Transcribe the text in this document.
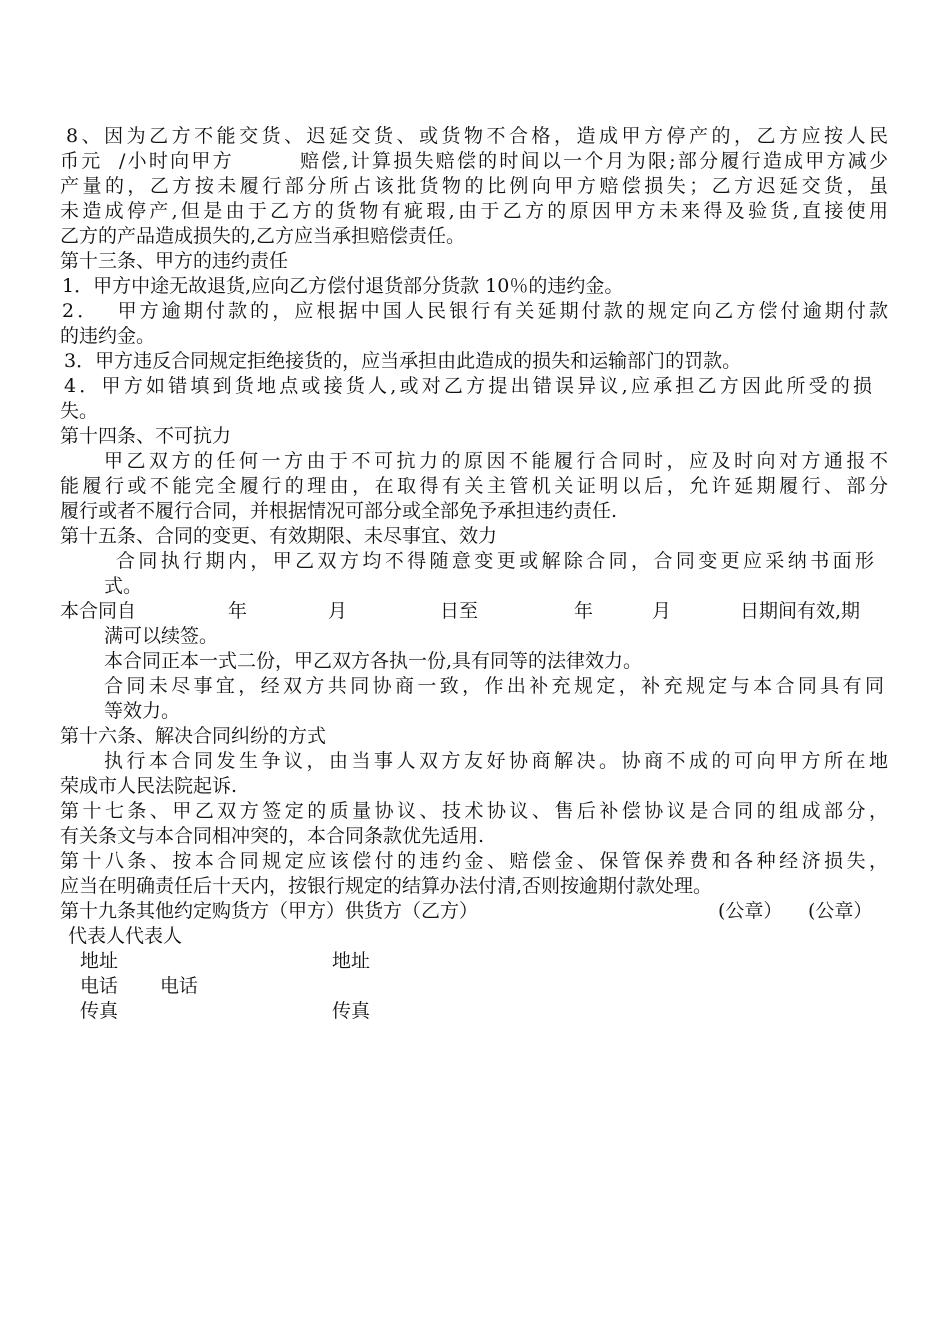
8、因为乙方不能交货、迟延交货、或货物不合格，造成甲方停产的，乙方应按人民
币元  /小时向甲方        赔偿,计算损失赔偿的时间以一个月为限;部分履行造成甲方减少
产量的，乙方按未履行部分所占该批货物的比例向甲方赔偿损失；乙方迟延交货，虽
未造成停产,但是由于乙方的货物有疵瑕,由于乙方的原因甲方未来得及验货,直接使用
乙方的产品造成损失的,乙方应当承担赔偿责任。
第十三条、甲方的违约责任
1．甲方中途无故退货,应向乙方偿付退货部分货款 10％的违约金。
2．  甲方逾期付款的，应根据中国人民银行有关延期付款的规定向乙方偿付逾期付款
的违约金。
3．甲方违反合同规定拒绝接货的，应当承担由此造成的损失和运输部门的罚款。
4．甲方如错填到货地点或接货人,或对乙方提出错误异议,应承担乙方因此所受的损
失。
第十四条、不可抗力
甲乙双方的任何一方由于不可抗力的原因不能履行合同时，应及时向对方通报不
能履行或不能完全履行的理由，在取得有关主管机关证明以后，允许延期履行、部分
履行或者不履行合同，并根据情况可部分或全部免予承担违约责任.
第十五条、合同的变更、有效期限、未尽事宜、效力
合同执行期内，甲乙双方均不得随意变更或解除合同，合同变更应采纳书面形
式。
本合同自	年	月	日至	年	月	日期间有效,期
满可以续签。
本合同正本一式二份，甲乙双方各执一份,具有同等的法律效力。
合同未尽事宜，经双方共同协商一致，作出补充规定，补充规定与本合同具有同
等效力。
第十六条、解决合同纠纷的方式
执行本合同发生争议，由当事人双方友好协商解决。协商不成的可向甲方所在地
荣成市人民法院起诉.
第十七条、甲乙双方签定的质量协议、技术协议、售后补偿协议是合同的组成部分，
有关条文与本合同相冲突的，本合同条款优先适用.
第十八条、按本合同规定应该偿付的违约金、赔偿金、保管保养费和各种经济损失，
应当在明确责任后十天内，按银行规定的结算办法付清,否则按逾期付款处理。
第十九条其他约定购货方（甲方）供货方（乙方）	(公章） (公章）
代表人代表人
地址	地址
电话 电话
传真	传真
